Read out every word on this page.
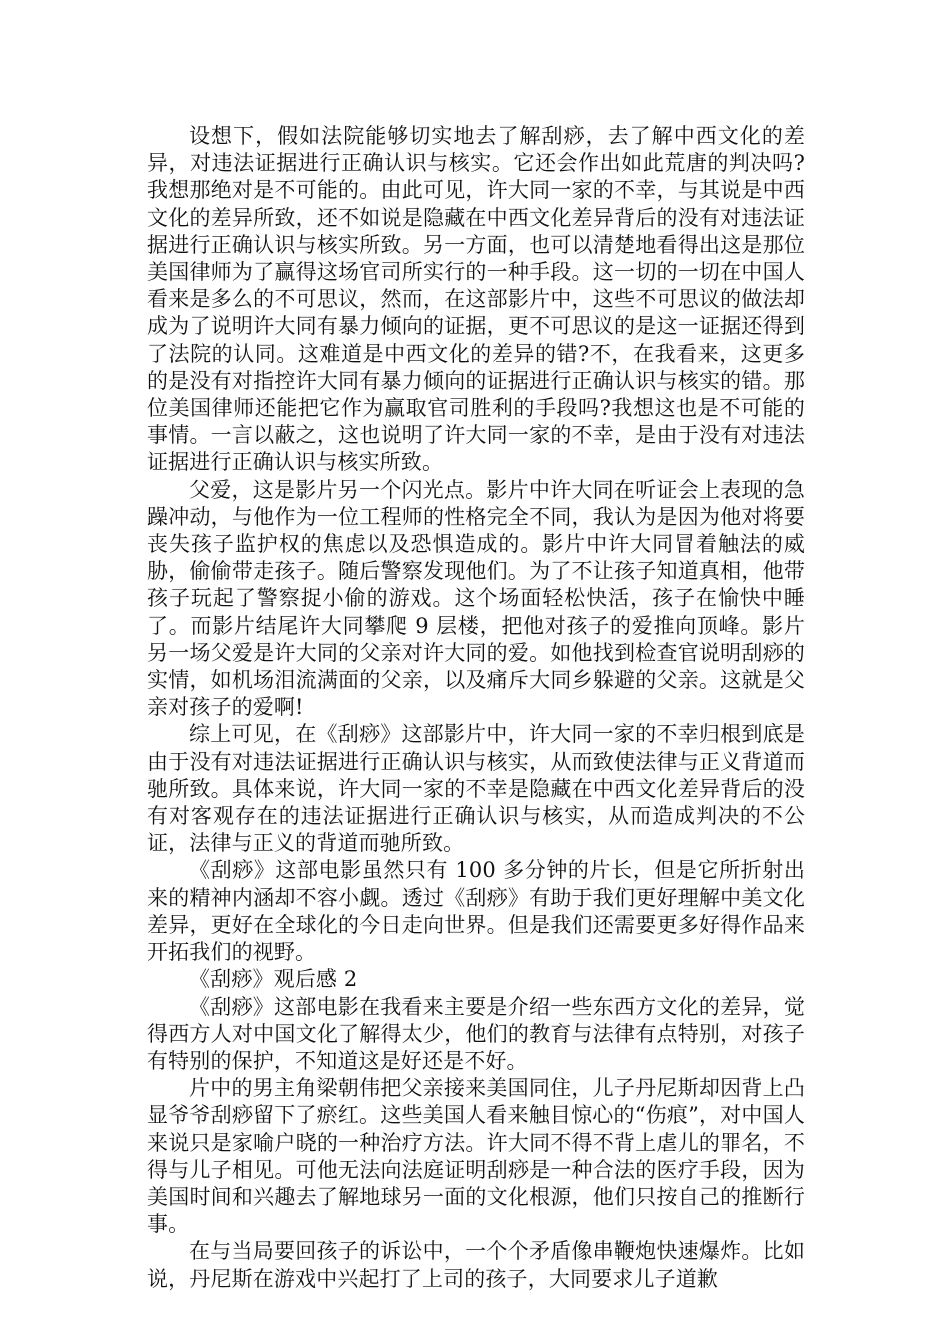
设想下，假如法院能够切实地去了解刮痧，去了解中西文化的差异，对违法证据进行正确认识与核实。它还会作出如此荒唐的判决吗?我想那绝对是不可能的。由此可见，许大同一家的不幸，与其说是中西文化的差异所致，还不如说是隐藏在中西文化差异背后的没有对违法证据进行正确认识与核实所致。另一方面，也可以清楚地看得出这是那位美国律师为了赢得这场官司所实行的一种手段。这一切的一切在中国人看来是多么的不可思议，然而，在这部影片中，这些不可思议的做法却成为了说明许大同有暴力倾向的证据，更不可思议的是这一证据还得到了法院的认同。这难道是中西文化的差异的错?不，在我看来，这更多的是没有对指控许大同有暴力倾向的证据进行正确认识与核实的错。那位美国律师还能把它作为赢取官司胜利的手段吗?我想这也是不可能的事情。一言以蔽之，这也说明了许大同一家的不幸，是由于没有对违法证据进行正确认识与核实所致。

父爱，这是影片另一个闪光点。影片中许大同在听证会上表现的急躁冲动，与他作为一位工程师的性格完全不同，我认为是因为他对将要丧失孩子监护权的焦虑以及恐惧造成的。影片中许大同冒着触法的威胁，偷偷带走孩子。随后警察发现他们。为了不让孩子知道真相，他带孩子玩起了警察捉小偷的游戏。这个场面轻松快活，孩子在愉快中睡了。而影片结尾许大同攀爬 9 层楼，把他对孩子的爱推向顶峰。影片另一场父爱是许大同的父亲对许大同的爱。如他找到检查官说明刮痧的实情，如机场泪流满面的父亲，以及痛斥大同乡躲避的父亲。这就是父亲对孩子的爱啊!

综上可见，在《刮痧》这部影片中，许大同一家的不幸归根到底是由于没有对违法证据进行正确认识与核实，从而致使法律与正义背道而驰所致。具体来说，许大同一家的不幸是隐藏在中西文化差异背后的没有对客观存在的违法证据进行正确认识与核实，从而造成判决的不公证，法律与正义的背道而驰所致。

《刮痧》这部电影虽然只有 100 多分钟的片长，但是它所折射出来的精神内涵却不容小觑。透过《刮痧》有助于我们更好理解中美文化差异，更好在全球化的今日走向世界。但是我们还需要更多好得作品来开拓我们的视野。

《刮痧》观后感 2

《刮痧》这部电影在我看来主要是介绍一些东西方文化的差异，觉得西方人对中国文化了解得太少，他们的教育与法律有点特别，对孩子有特别的保护，不知道这是好还是不好。

片中的男主角梁朝伟把父亲接来美国同住，儿子丹尼斯却因背上凸显爷爷刮痧留下了瘀红。这些美国人看来触目惊心的“伤痕”，对中国人来说只是家喻户晓的一种治疗方法。许大同不得不背上虐儿的罪名，不得与儿子相见。可他无法向法庭证明刮痧是一种合法的医疗手段，因为美国时间和兴趣去了解地球另一面的文化根源，他们只按自己的推断行事。

在与当局要回孩子的诉讼中，一个个矛盾像串鞭炮快速爆炸。比如说，丹尼斯在游戏中兴起打了上司的孩子，大同要求儿子道歉
